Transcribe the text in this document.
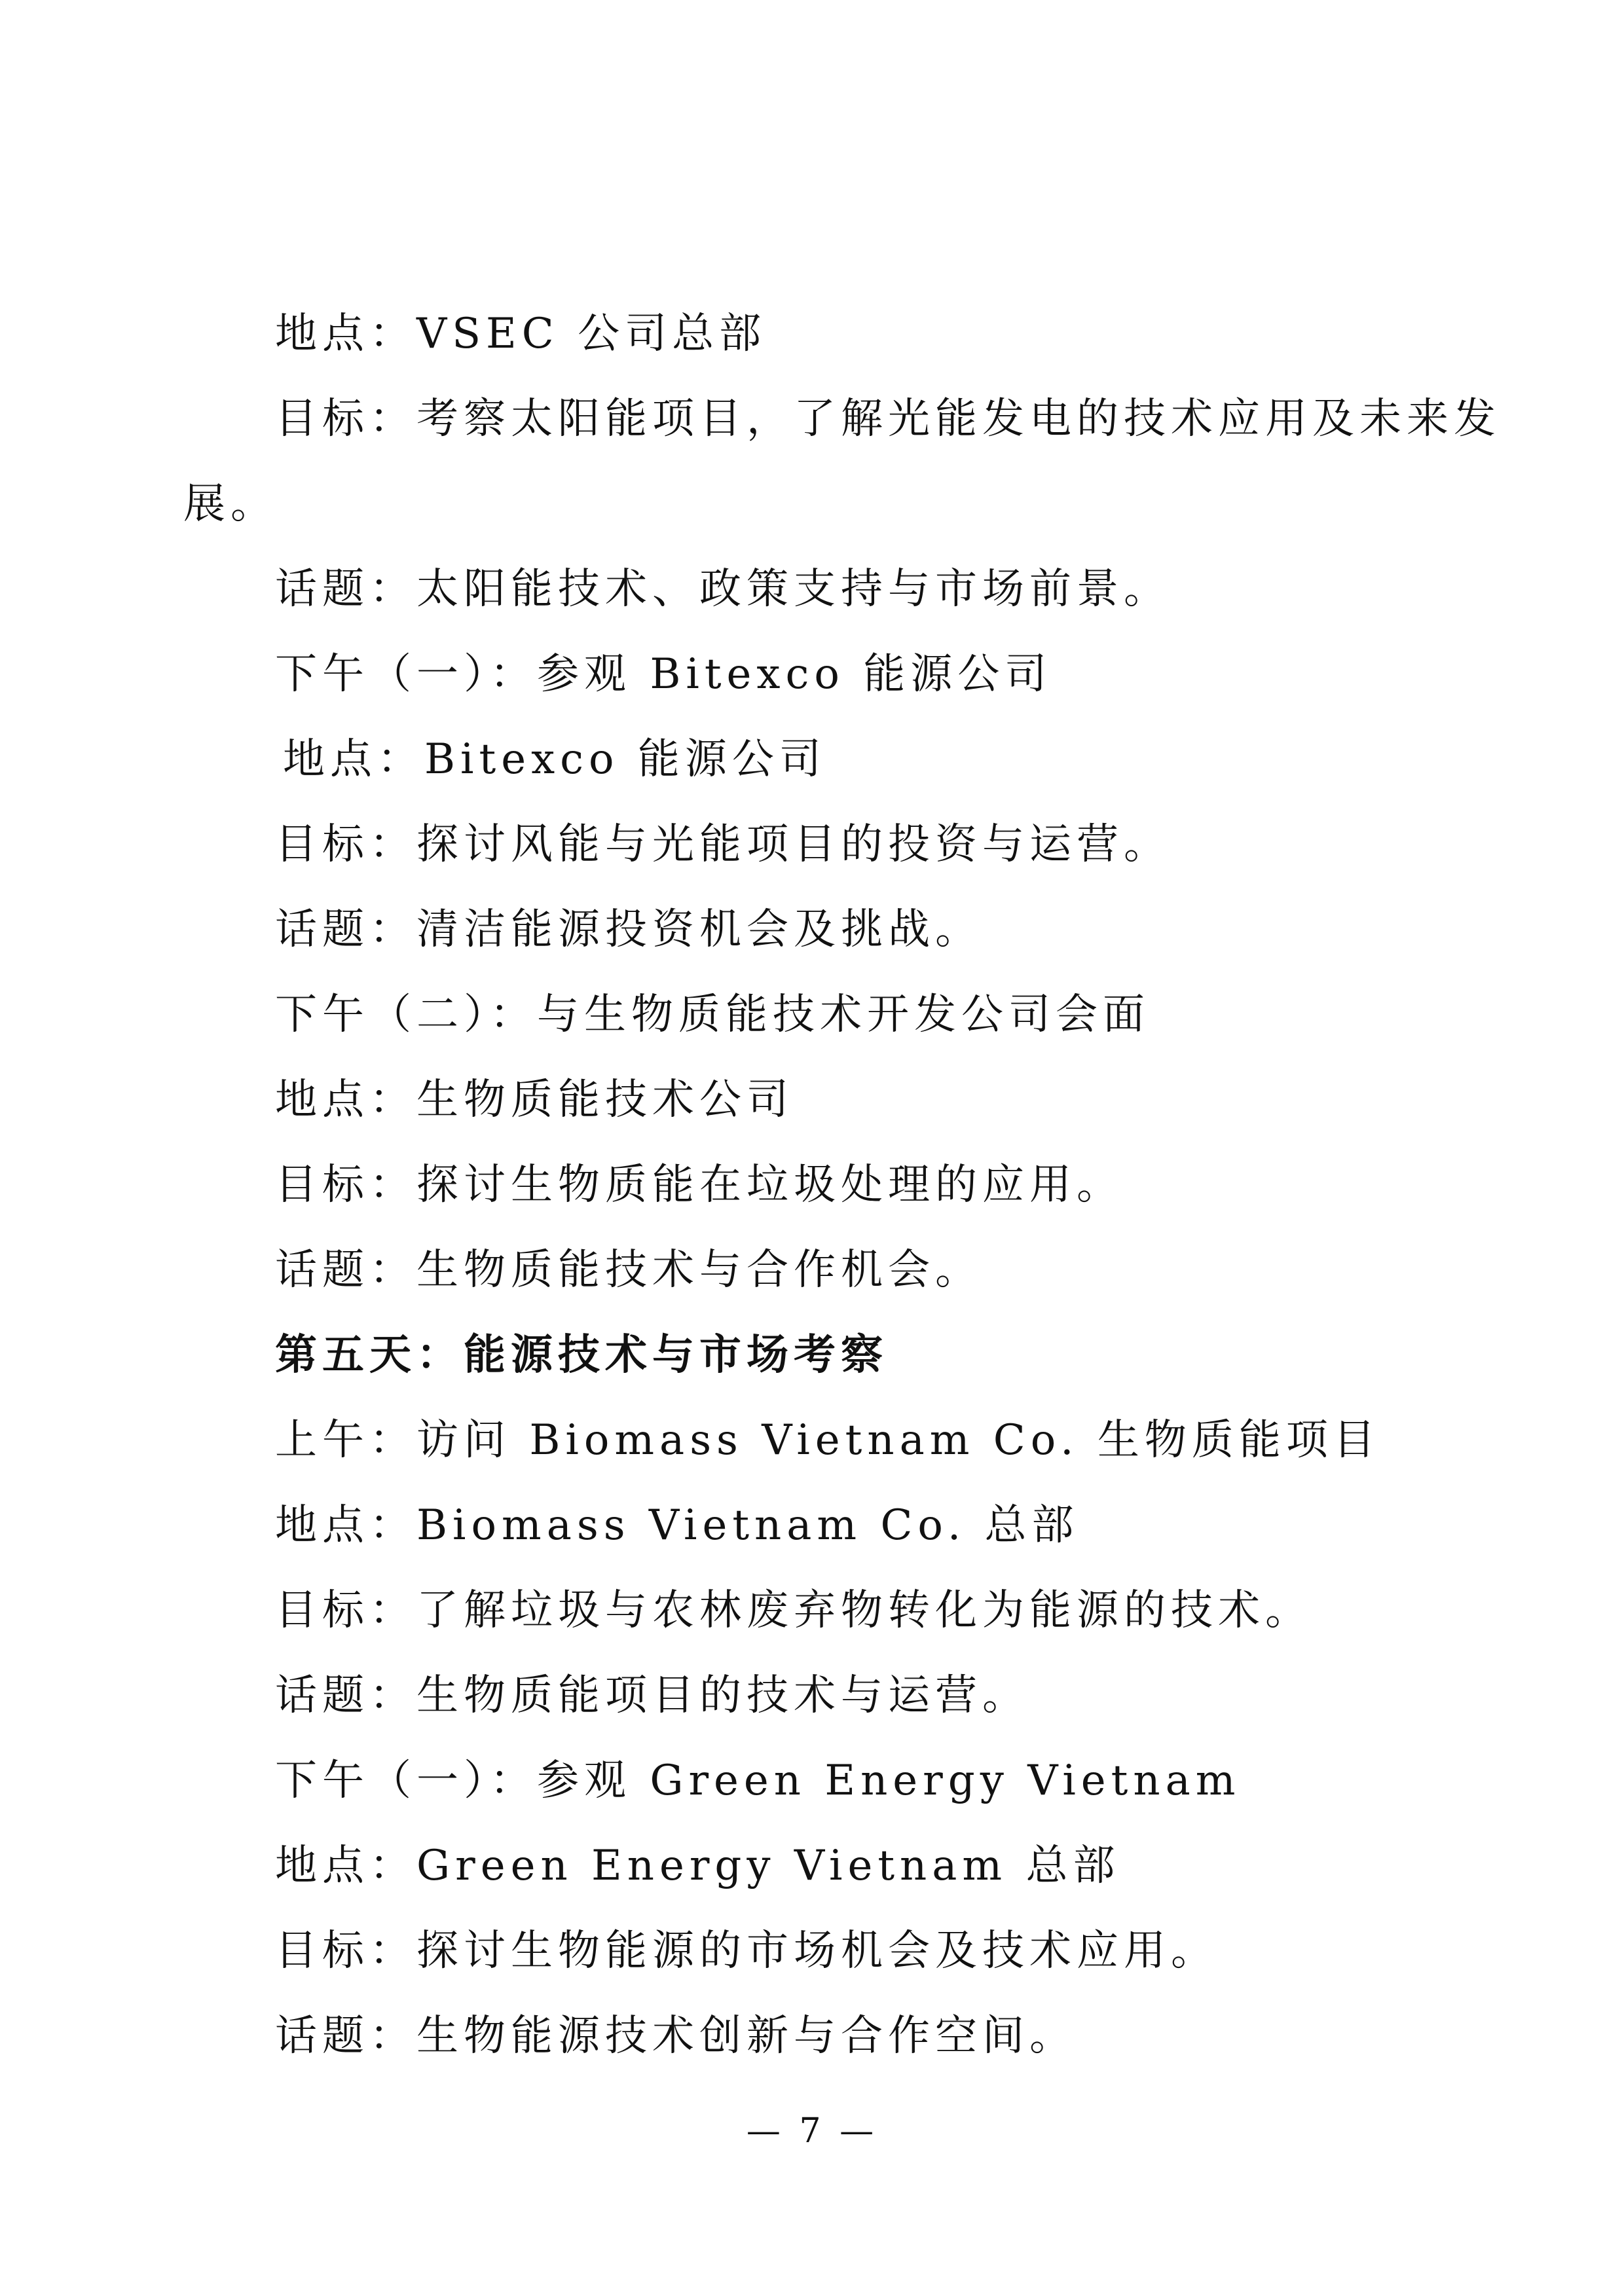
地点：VSEC 公司总部
目标：考察太阳能项目，了解光能发电的技术应用及未来发
展。
话题：太阳能技术、政策支持与市场前景。
下午（一）：参观 Bitexco 能源公司
地点：Bitexco 能源公司
目标：探讨风能与光能项目的投资与运营。
话题：清洁能源投资机会及挑战。
下午（二）：与生物质能技术开发公司会面
地点：生物质能技术公司
目标：探讨生物质能在垃圾处理的应用。
话题：生物质能技术与合作机会。
第五天：能源技术与市场考察
上午：访问 Biomass Vietnam Co. 生物质能项目
地点：Biomass Vietnam Co. 总部
目标：了解垃圾与农林废弃物转化为能源的技术。
话题：生物质能项目的技术与运营。
下午（一）：参观 Green Energy Vietnam
地点：Green Energy Vietnam 总部
目标：探讨生物能源的市场机会及技术应用。
话题：生物能源技术创新与合作空间。
— 7 —
